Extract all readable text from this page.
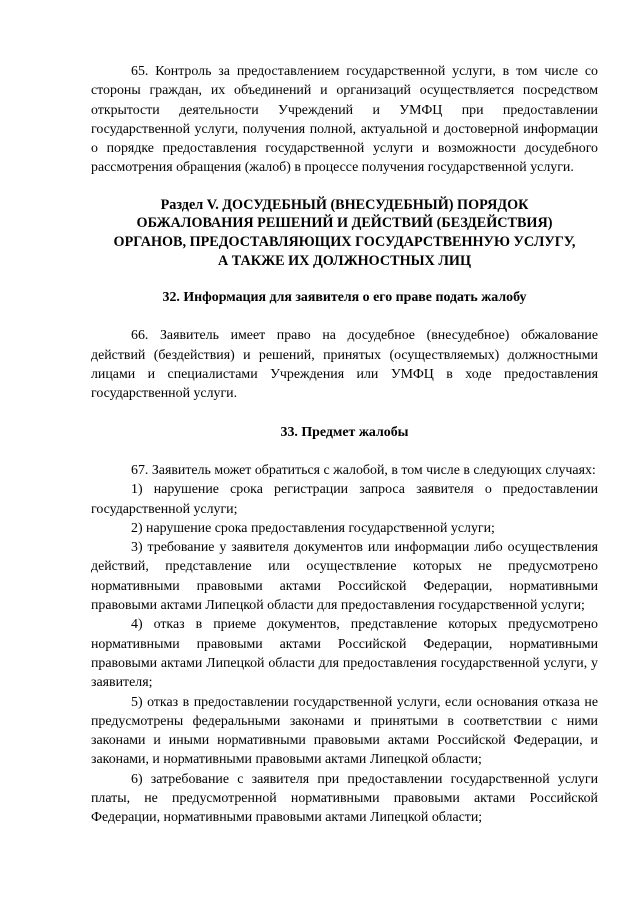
65. Контроль за предоставлением государственной услуги, в том числе со стороны граждан, их объединений и организаций осуществляется посредством открытости деятельности Учреждений и УМФЦ при предоставлении государственной услуги, получения полной, актуальной и достоверной информации о порядке предоставления государственной услуги и возможности досудебного рассмотрения обращения (жалоб) в процессе получения государственной услуги.

Раздел V. ДОСУДЕБНЫЙ (ВНЕСУДЕБНЫЙ) ПОРЯДОК
ОБЖАЛОВАНИЯ РЕШЕНИЙ И ДЕЙСТВИЙ (БЕЗДЕЙСТВИЯ)
ОРГАНОВ, ПРЕДОСТАВЛЯЮЩИХ ГОСУДАРСТВЕННУЮ УСЛУГУ,
А ТАКЖЕ ИХ ДОЛЖНОСТНЫХ ЛИЦ
32. Информация для заявителя о его праве подать жалобу

66. Заявитель имеет право на досудебное (внесудебное) обжалование действий (бездействия) и решений, принятых (осуществляемых) должностными лицами и специалистами Учреждения или УМФЦ в ходе предоставления государственной услуги.

33. Предмет жалобы

67. Заявитель может обратиться с жалобой, в том числе в следующих случаях:

1) нарушение срока регистрации запроса заявителя о предоставлении государственной услуги;

2) нарушение срока предоставления государственной услуги;

3) требование у заявителя документов или информации либо осуществления действий, представление или осуществление которых не предусмотрено нормативными правовыми актами Российской Федерации, нормативными правовыми актами Липецкой области для предоставления государственной услуги;

4) отказ в приеме документов, представление которых предусмотрено нормативными правовыми актами Российской Федерации, нормативными правовыми актами Липецкой области для предоставления государственной услуги, у заявителя;

5) отказ в предоставлении государственной услуги, если основания отказа не предусмотрены федеральными законами и принятыми в соответствии с ними законами и иными нормативными правовыми актами Российской Федерации, и законами, и нормативными правовыми актами Липецкой области;

6) затребование с заявителя при предоставлении государственной услуги платы, не предусмотренной нормативными правовыми актами Российской Федерации, нормативными правовыми актами Липецкой области;
